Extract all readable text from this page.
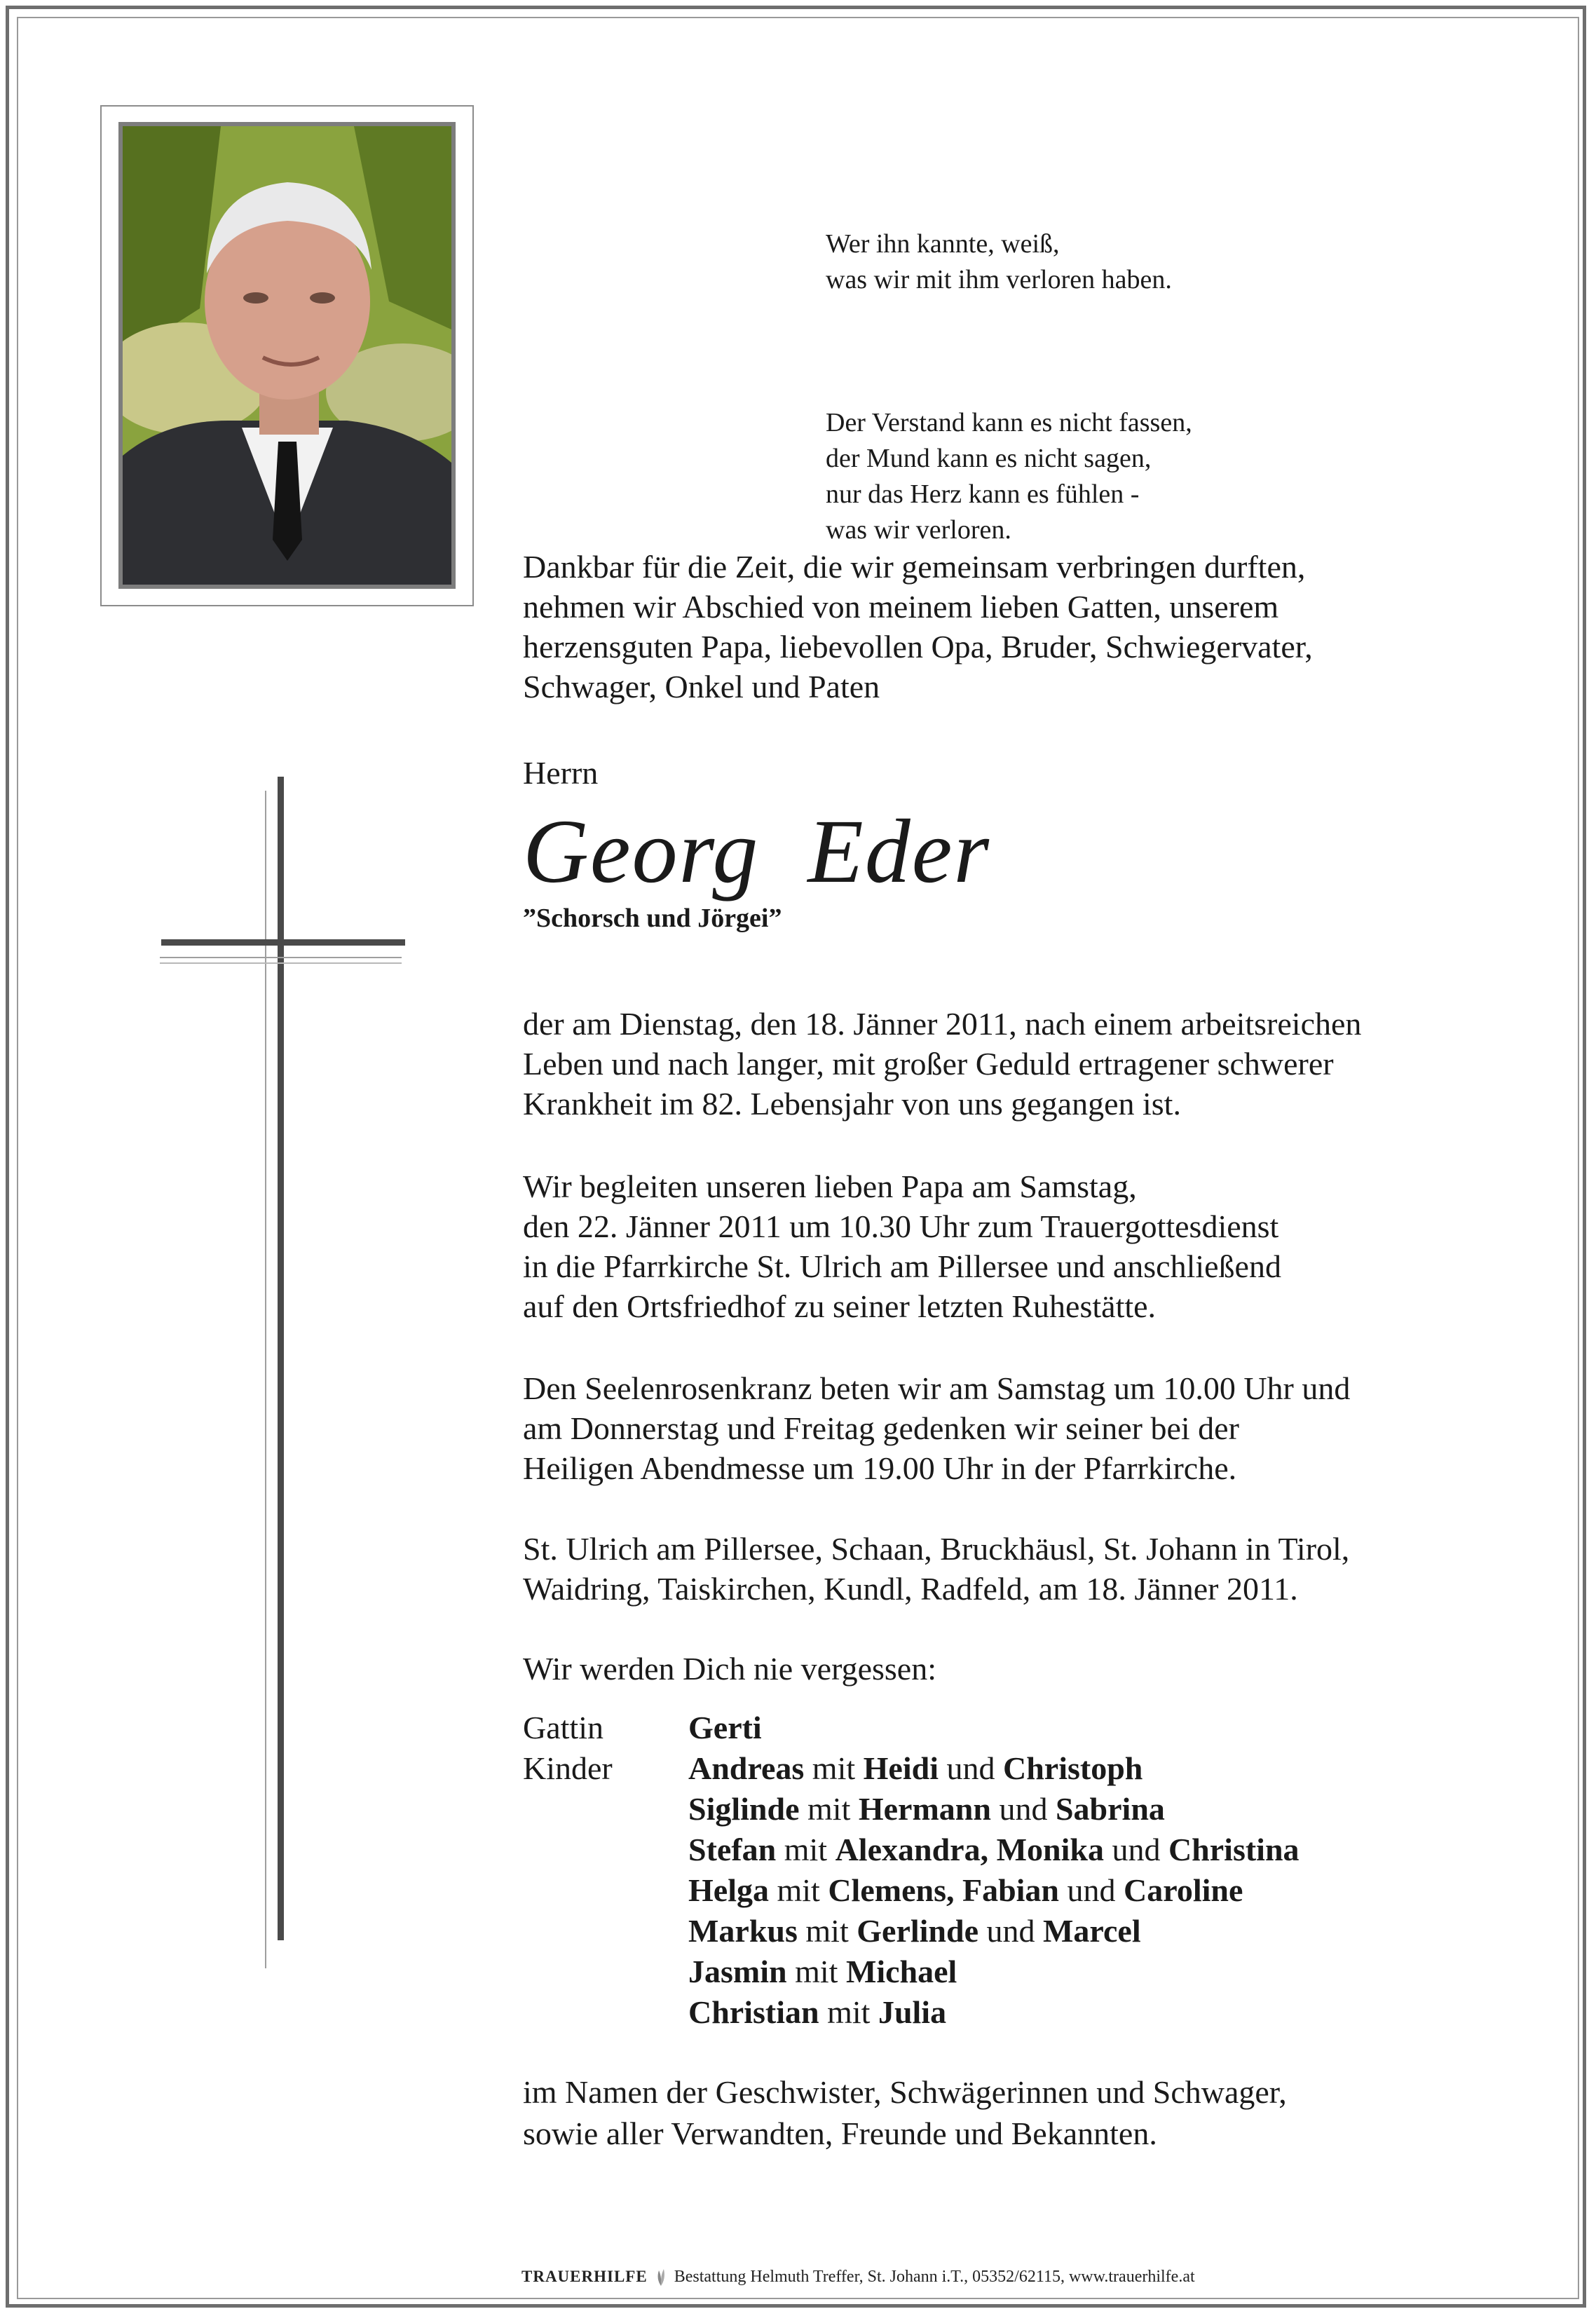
Wer ihn kannte, weiß,
was wir mit ihm verloren haben.

Der Verstand kann es nicht fassen,
der Mund kann es nicht sagen,
nur das Herz kann es fühlen -
was wir verloren.

Dankbar für die Zeit, die wir gemeinsam verbringen durften,
nehmen wir Abschied von meinem lieben Gatten, unserem
herzensguten Papa, liebevollen Opa, Bruder, Schwiegervater,
Schwager, Onkel und Paten
Herrn
Georg  Eder
”Schorsch und Jörgei”
der am Dienstag, den 18. Jänner 2011, nach einem arbeitsreichen
Leben und nach langer, mit großer Geduld ertragener schwerer
Krankheit im 82. Lebensjahr von uns gegangen ist.
Wir begleiten unseren lieben Papa am Samstag,
den 22. Jänner 2011 um 10.30 Uhr zum Trauergottesdienst
in die Pfarrkirche St. Ulrich am Pillersee und anschließend
auf den Ortsfriedhof zu seiner letzten Ruhestätte.
Den Seelenrosenkranz beten wir am Samstag um 10.00 Uhr und
am Donnerstag und Freitag gedenken wir seiner bei der
Heiligen Abendmesse um 19.00 Uhr in der Pfarrkirche.
St. Ulrich am Pillersee, Schaan, Bruckhäusl, St. Johann in Tirol,
Waidring, Taiskirchen, Kundl, Radfeld, am 18. Jänner 2011.
Wir werden Dich nie vergessen:
Gattin	Gerti
Kinder	Andreas mit Heidi und Christoph
Siglinde mit Hermann und Sabrina
Stefan mit Alexandra, Monika und Christina
Helga mit Clemens, Fabian und Caroline
Markus mit Gerlinde und Marcel
Jasmin mit Michael
Christian mit Julia
im Namen der Geschwister, Schwägerinnen und Schwager,
sowie aller Verwandten, Freunde und Bekannten.
TRAUERHILFE Bestattung Helmuth Treffer, St. Johann i.T., 05352/62115, www.trauerhilfe.at
